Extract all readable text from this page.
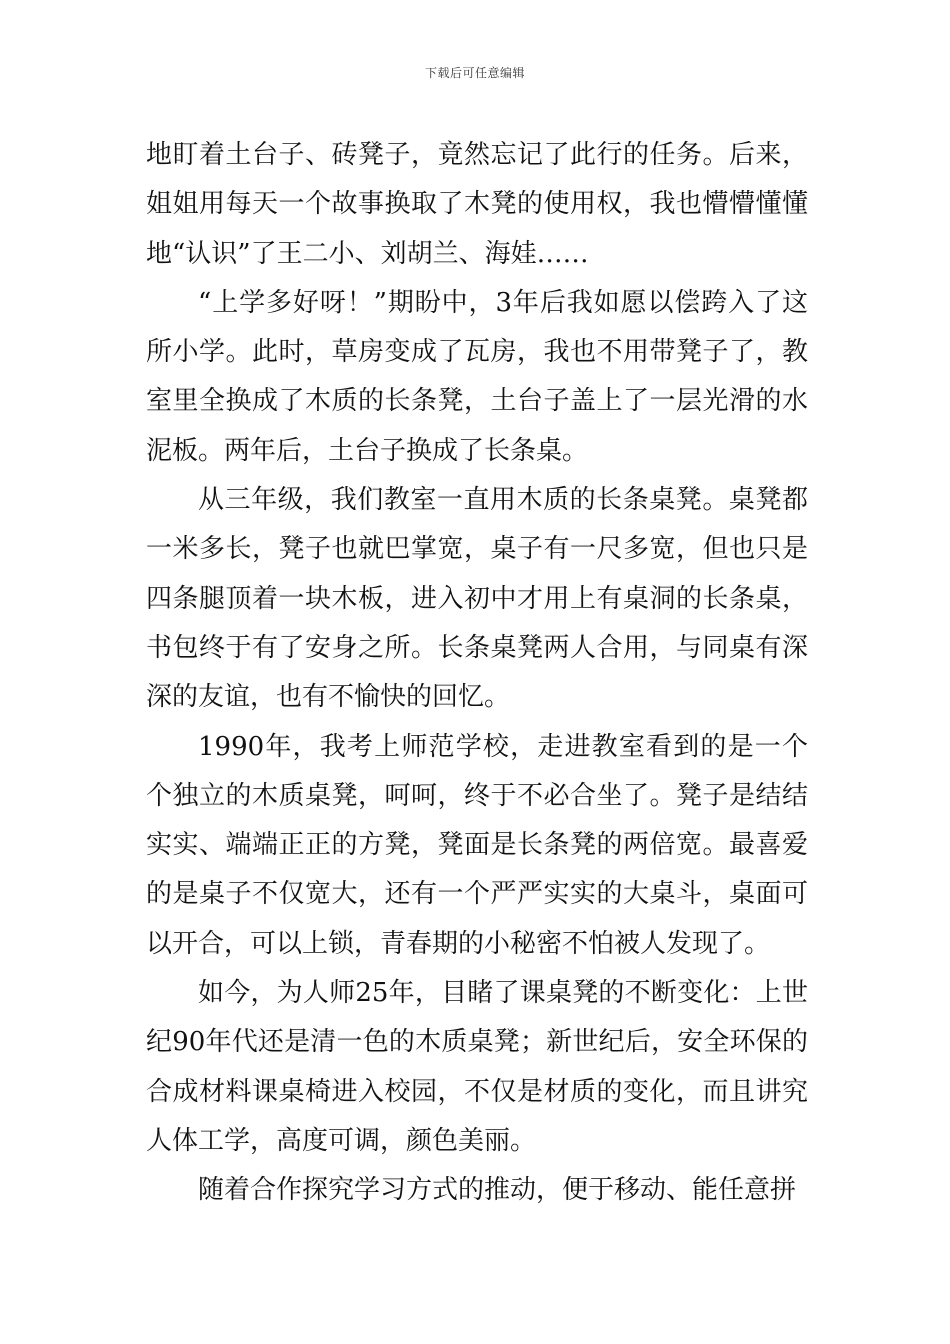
下载后可任意编辑

地盯着土台子、砖凳子，竟然忘记了此行的任务。后来，姐姐用每天一个故事换取了木凳的使用权，我也懵懵懂懂地“认识”了王二小、刘胡兰、海娃……

“上学多好呀！”期盼中，3年后我如愿以偿跨入了这所小学。此时，草房变成了瓦房，我也不用带凳子了，教室里全换成了木质的长条凳，土台子盖上了一层光滑的水泥板。两年后，土台子换成了长条桌。

从三年级，我们教室一直用木质的长条桌凳。桌凳都一米多长，凳子也就巴掌宽，桌子有一尺多宽，但也只是四条腿顶着一块木板，进入初中才用上有桌洞的长条桌，书包终于有了安身之所。长条桌凳两人合用，与同桌有深深的友谊，也有不愉快的回忆。

1990年，我考上师范学校，走进教室看到的是一个个独立的木质桌凳，呵呵，终于不必合坐了。凳子是结结实实、端端正正的方凳，凳面是长条凳的两倍宽。最喜爱的是桌子不仅宽大，还有一个严严实实的大桌斗，桌面可以开合，可以上锁，青春期的小秘密不怕被人发现了。

如今，为人师25年，目睹了课桌凳的不断变化：上世纪90年代还是清一色的木质桌凳；新世纪后，安全环保的合成材料课桌椅进入校园，不仅是材质的变化，而且讲究人体工学，高度可调，颜色美丽。

随着合作探究学习方式的推动，便于移动、能任意拼
